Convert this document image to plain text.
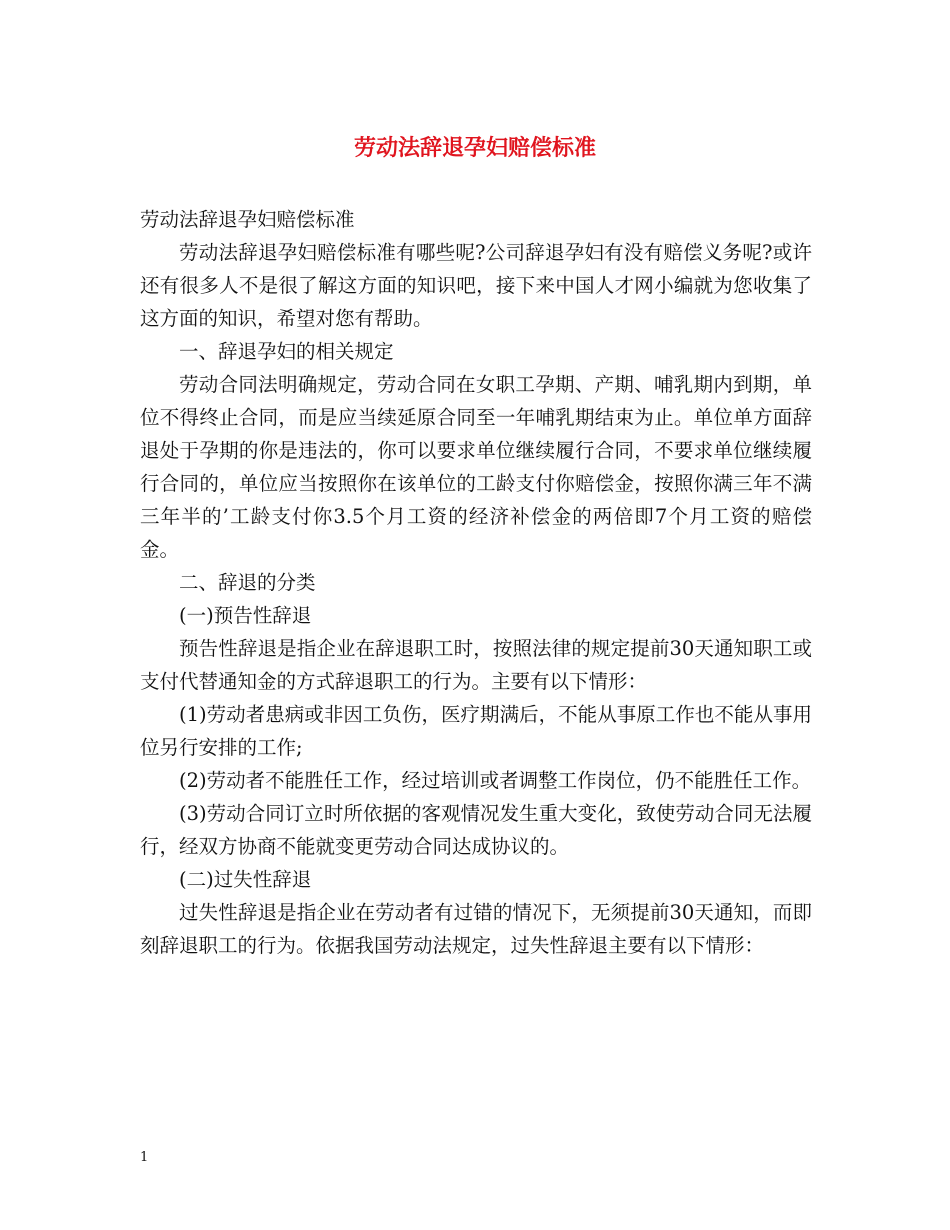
劳动法辞退孕妇赔偿标准

劳动法辞退孕妇赔偿标准

劳动法辞退孕妇赔偿标准有哪些呢?公司辞退孕妇有没有赔偿义务呢?或许还有很多人不是很了解这方面的知识吧，接下来中国人才网小编就为您收集了这方面的知识，希望对您有帮助。

一、辞退孕妇的相关规定

劳动合同法明确规定，劳动合同在女职工孕期、产期、哺乳期内到期，单位不得终止合同，而是应当续延原合同至一年哺乳期结束为止。单位单方面辞退处于孕期的你是违法的，你可以要求单位继续履行合同，不要求单位继续履行合同的，单位应当按照你在该单位的工龄支付你赔偿金，按照你满三年不满三年半的’工龄支付你3.5个月工资的经济补偿金的两倍即7个月工资的赔偿金。

二、辞退的分类

(一)预告性辞退

预告性辞退是指企业在辞退职工时，按照法律的规定提前30天通知职工或支付代替通知金的方式辞退职工的行为。主要有以下情形：

(1)劳动者患病或非因工负伤，医疗期满后，不能从事原工作也不能从事用位另行安排的工作;

(2)劳动者不能胜任工作，经过培训或者调整工作岗位，仍不能胜任工作。

(3)劳动合同订立时所依据的客观情况发生重大变化，致使劳动合同无法履行，经双方协商不能就变更劳动合同达成协议的。

(二)过失性辞退

过失性辞退是指企业在劳动者有过错的情况下，无须提前30天通知，而即刻辞退职工的行为。依据我国劳动法规定，过失性辞退主要有以下情形：

1
